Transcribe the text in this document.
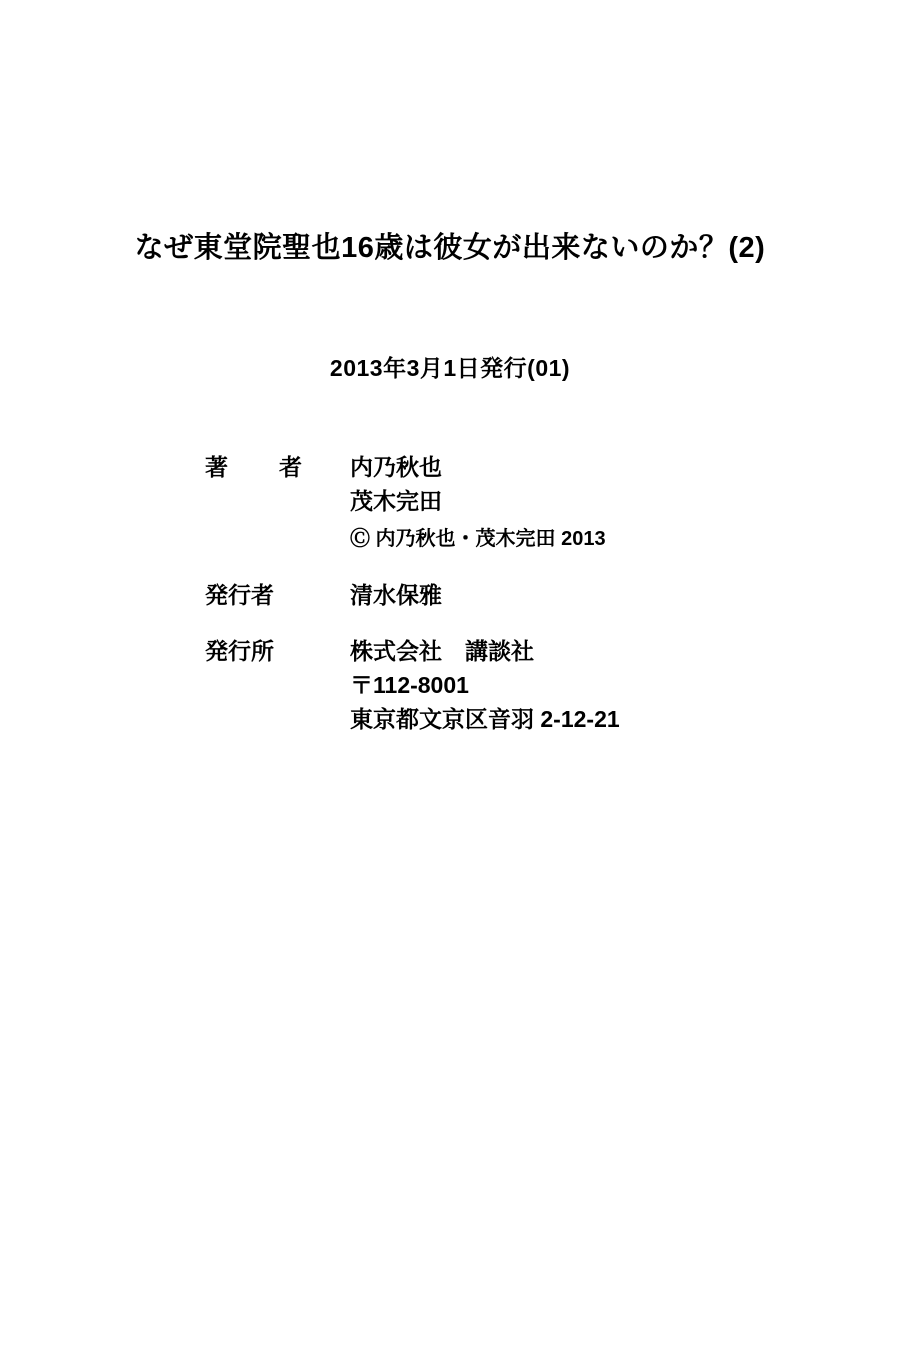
なぜ東堂院聖也16歳は彼女が出来ないのか？(2)
2013年3月1日発行(01)
著　者	内乃秋也
茂木完田
Ⓒ 内乃秋也・茂木完田 2013
発行者	清水保雅
発行所	株式会社　講談社
〒112-8001
東京都文京区音羽 2-12-21
